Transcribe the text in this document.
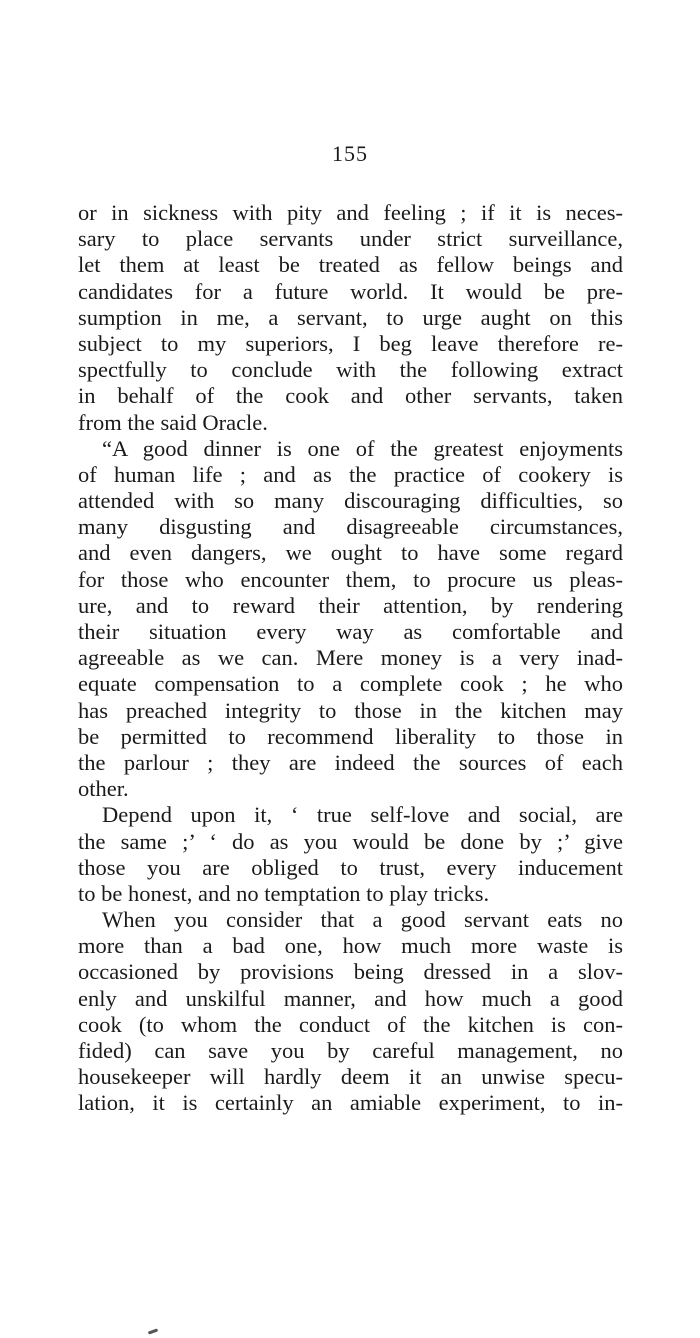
155
or in sickness with pity and feeling ; if it is neces-
sary to place servants under strict surveillance,
let them at least be treated as fellow beings and
candidates for a future world. It would be pre-
sumption in me, a servant, to urge aught on this
subject to my superiors, I beg leave therefore re-
spectfully to conclude with the following extract
in behalf of the cook and other servants, taken
from the said Oracle.
“A good dinner is one of the greatest enjoyments
of human life ; and as the practice of cookery is
attended with so many discouraging difficulties, so
many disgusting and disagreeable circumstances,
and even dangers, we ought to have some regard
for those who encounter them, to procure us pleas-
ure, and to reward their attention, by rendering
their situation every way as comfortable and
agreeable as we can. Mere money is a very inad-
equate compensation to a complete cook ; he who
has preached integrity to those in the kitchen may
be permitted to recommend liberality to those in
the parlour ; they are indeed the sources of each
other.
Depend upon it, ‘ true self-love and social, are
the same ;’ ‘ do as you would be done by ;’ give
those you are obliged to trust, every inducement
to be honest, and no temptation to play tricks.
When you consider that a good servant eats no
more than a bad one, how much more waste is
occasioned by provisions being dressed in a slov-
enly and unskilful manner, and how much a good
cook (to whom the conduct of the kitchen is con-
fided) can save you by careful management, no
housekeeper will hardly deem it an unwise specu-
lation, it is certainly an amiable experiment, to in-
